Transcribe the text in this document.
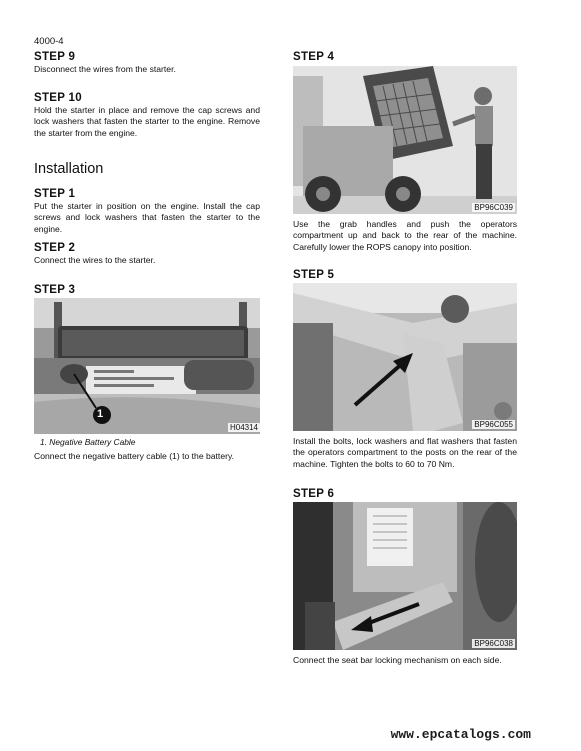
4000-4
STEP 9
Disconnect the wires from the starter.
STEP 10
Hold the starter in place and remove the cap screws and lock washers that fasten the starter to the engine. Remove the starter from the engine.
Installation
STEP 1
Put the starter in position on the engine. Install the cap screws and lock washers that fasten the starter to the engine.
STEP 2
Connect the wires to the starter.
STEP 3
1
H04314
1. Negative Battery Cable
Connect the negative battery cable (1) to the battery.
STEP 4
BP96C039
Use the grab handles and push the operators compartment up and back to the rear of the machine. Carefully lower the ROPS canopy into position.
STEP 5
BP96C055
Install the bolts, lock washers and flat washers that fasten the operators compartment to the posts on the rear of the machine. Tighten the bolts to 60 to 70 Nm.
STEP 6
BP96C038
Connect the seat bar locking mechanism on each side.
www.epcatalogs.com
